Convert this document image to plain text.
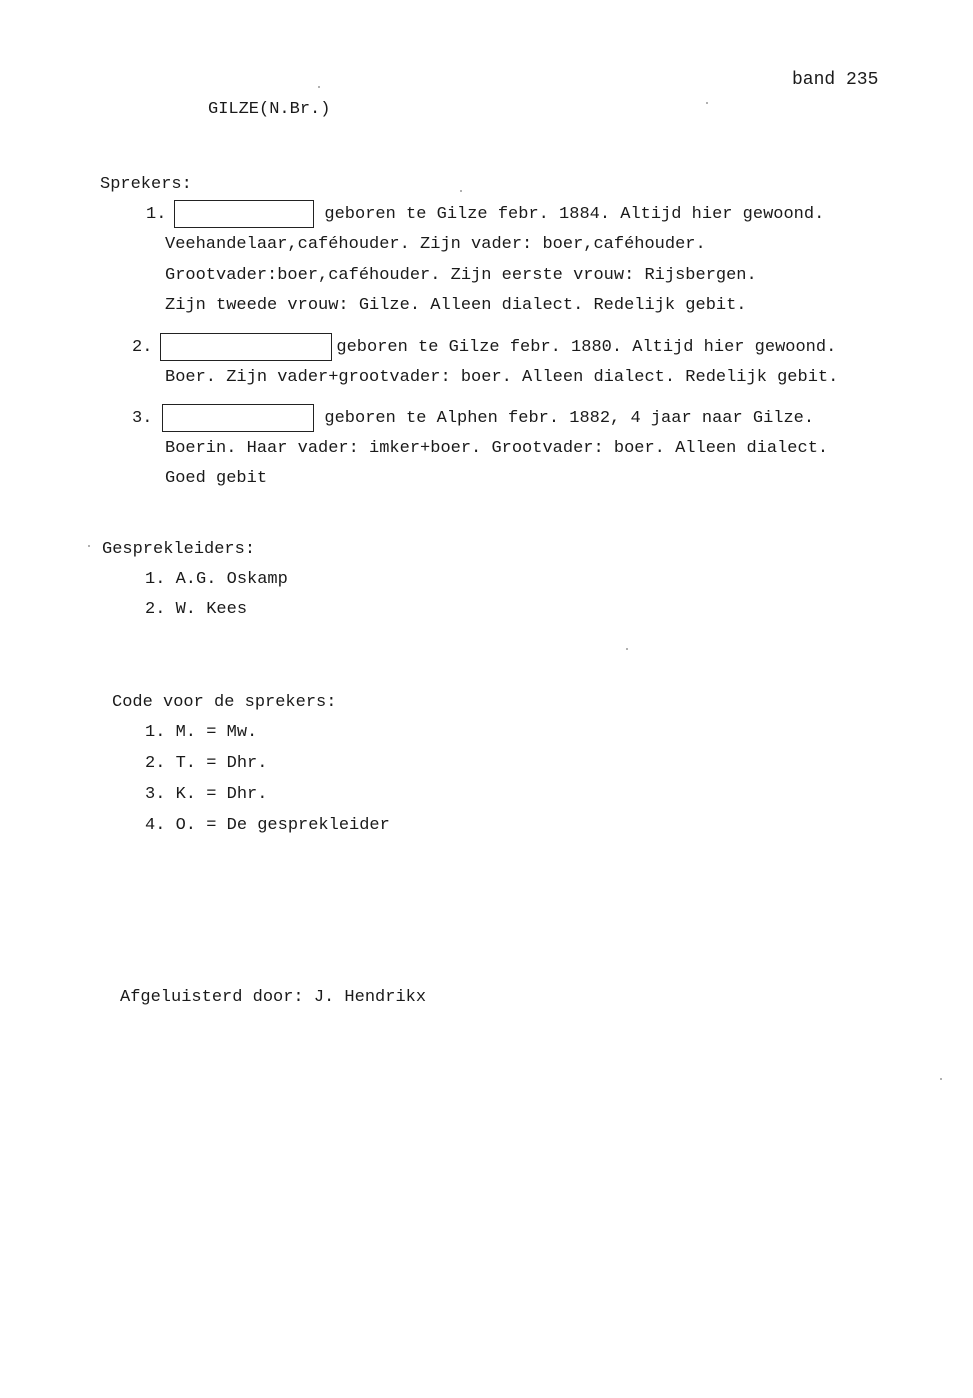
band 235
GILZE(N.Br.)
Sprekers:
1.	geboren te Gilze febr. 1884. Altijd hier gewoond.
Veehandelaar,caféhouder. Zijn vader: boer,caféhouder.
Grootvader:boer,caféhouder. Zijn eerste vrouw: Rijsbergen.
Zijn tweede vrouw: Gilze. Alleen dialect. Redelijk gebit.
2.	geboren te Gilze febr. 1880. Altijd hier gewoond.
Boer. Zijn vader+grootvader: boer. Alleen dialect. Redelijk gebit.
3.	geboren te Alphen febr. 1882, 4 jaar naar Gilze.
Boerin. Haar vader: imker+boer. Grootvader: boer. Alleen dialect.
Goed gebit
Gesprekleiders:
1. A.G. Oskamp
2. W. Kees
Code voor de sprekers:
1. M. = Mw.
2. T. = Dhr.
3. K. = Dhr.
4. O. = De gesprekleider
Afgeluisterd door: J. Hendrikx
